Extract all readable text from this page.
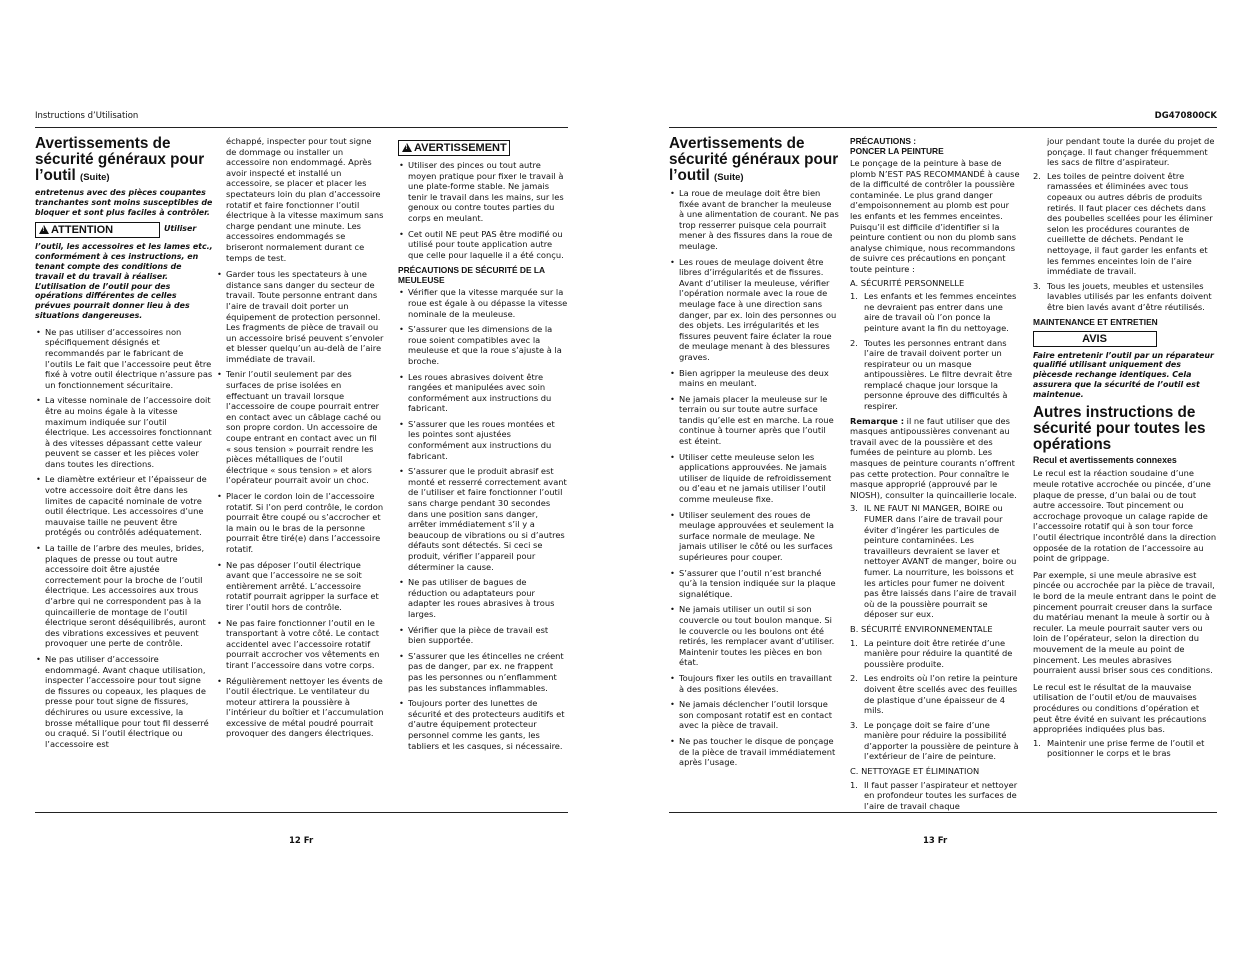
Instructions d’Utilisation
Avertissements de sécurité généraux pour l’outil (Suite)

entretenus avec des pièces coupantes tranchantes sont moins susceptibles de bloquer et sont plus faciles à contrôler.

!ATTENTION	Utiliser

l’outil, les accessoires et les lames etc., conformément à ces instructions, en tenant compte des conditions de travail et du travail à réaliser. L’utilisation de l’outil pour des opérations différentes de celles prévues pourrait donner lieu à des situations dangereuses.

• Ne pas utiliser d’accessoires non spécifiquement désignés et recommandés par le fabricant de l’outils Le fait que l’accessoire peut être fixé à votre outil électrique n’assure pas un fonctionnement sécuritaire.
• La vitesse nominale de l’accessoire doit être au moins égale à la vitesse maximum indiquée sur l’outil électrique. Les accessoires fonctionnant à des vitesses dépassant cette valeur peuvent se casser et les pièces voler dans toutes les directions.
• Le diamètre extérieur et l’épaisseur de votre accessoire doit être dans les limites de capacité nominale de votre outil électrique. Les accessoires d’une mauvaise taille ne peuvent être protégés ou contrôlés adéquatement.
• La taille de l’arbre des meules, brides, plaques de presse ou tout autre accessoire doit être ajustée correctement pour la broche de l’outil électrique. Les accessoires aux trous d’arbre qui ne correspondent pas à la quincaillerie de montage de l’outil électrique seront déséquilibrés, auront des vibrations excessives et peuvent provoquer une perte de contrôle.
• Ne pas utiliser d’accessoire endommagé. Avant chaque utilisation, inspecter l’accessoire pour tout signe de fissures ou copeaux, les plaques de presse pour tout signe de fissures, déchirures ou usure excessive, la brosse métallique pour tout fil desserré ou craqué. Si l’outil électrique ou l’accessoire est

échappé, inspecter pour tout signe de dommage ou installer un accessoire non endommagé. Après avoir inspecté et installé un accessoire, se placer et placer les spectateurs loin du plan d’accessoire rotatif et faire fonctionner l’outil électrique à la vitesse maximum sans charge pendant une minute. Les accessoires endommagés se briseront normalement durant ce temps de test.

• Garder tous les spectateurs à une distance sans danger du secteur de travail. Toute personne entrant dans l’aire de travail doit porter un équipement de protection personnel. Les fragments de pièce de travail ou un accessoire brisé peuvent s’envoler et blesser quelqu’un au-delà de l’aire immédiate de travail.
• Tenir l’outil seulement par des surfaces de prise isolées en effectuant un travail lorsque l’accessoire de coupe pourrait entrer en contact avec un câblage caché ou son propre cordon. Un accessoire de coupe entrant en contact avec un fil « sous tension » pourrait rendre les pièces métalliques de l’outil électrique « sous tension » et alors l’opérateur pourrait avoir un choc.
• Placer le cordon loin de l’accessoire rotatif. Si l’on perd contrôle, le cordon pourrait être coupé ou s’accrocher et la main ou le bras de la personne pourrait être tiré(e) dans l’accessoire rotatif.
• Ne pas déposer l’outil électrique avant que l’accessoire ne se soit entièrement arrêté. L’accessoire rotatif pourrait agripper la surface et tirer l’outil hors de contrôle.
• Ne pas faire fonctionner l’outil en le transportant à votre côté. Le contact accidentel avec l’accessoire rotatif pourrait accrocher vos vêtements en tirant l’accessoire dans votre corps.
• Régulièrement nettoyer les évents de l’outil électrique. Le ventilateur du moteur attirera la poussière à l’intérieur du boîtier et l’accumulation excessive de métal poudré pourrait provoquer des dangers électriques.
!AVERTISSEMENT
• Utiliser des pinces ou tout autre moyen pratique pour fixer le travail à une plate-forme stable. Ne jamais tenir le travail dans les mains, sur les genoux ou contre toutes parties du corps en meulant.
• Cet outil NE peut PAS être modifié ou utilisé pour toute application autre que celle pour laquelle il a été conçu.
PRÉCAUTIONS DE SÉCURITÉ DE LA MEULEUSE
• Vérifier que la vitesse marquée sur la roue est égale à ou dépasse la vitesse nominale de la meuleuse.
• S’assurer que les dimensions de la roue soient compatibles avec la meuleuse et que la roue s’ajuste à la broche.
• Les roues abrasives doivent être rangées et manipulées avec soin conformément aux instructions du fabricant.
• S’assurer que les roues montées et les pointes sont ajustées conformément aux instructions du fabricant.
• S’assurer que le produit abrasif est monté et resserré correctement avant de l’utiliser et faire fonctionner l’outil sans charge pendant 30 secondes dans une position sans danger, arrêter immédiatement s’il y a beaucoup de vibrations ou si d’autres défauts sont détectés. Si ceci se produit, vérifier l’appareil pour déterminer la cause.
• Ne pas utiliser de bagues de réduction ou adaptateurs pour adapter les roues abrasives à trous larges.
• Vérifier que la pièce de travail est bien supportée.
• S’assurer que les étincelles ne créent pas de danger, par ex. ne frappent pas les personnes ou n’enflamment pas les substances inflammables.
• Toujours porter des lunettes de sécurité et des protecteurs auditifs et d’autre équipement protecteur personnel comme les gants, les tabliers et les casques, si nécessaire.
12 Fr
DG470800CK
Avertissements de sécurité généraux pour l’outil (Suite)
• La roue de meulage doit être bien fixée avant de brancher la meuleuse à une alimentation de courant. Ne pas trop resserrer puisque cela pourrait mener à des fissures dans la roue de meulage.
• Les roues de meulage doivent être libres d’irrégularités et de fissures. Avant d’utiliser la meuleuse, vérifier l’opération normale avec la roue de meulage face à une direction sans danger, par ex. loin des personnes ou des objets. Les irrégularités et les fissures peuvent faire éclater la roue de meulage menant à des blessures graves.
• Bien agripper la meuleuse des deux mains en meulant.
• Ne jamais placer la meuleuse sur le terrain ou sur toute autre surface tandis qu’elle est en marche. La roue continue à tourner après que l’outil est éteint.
• Utiliser cette meuleuse selon les applications approuvées. Ne jamais utiliser de liquide de refroidissement ou d’eau et ne jamais utiliser l’outil comme meuleuse fixe.
• Utiliser seulement des roues de meulage approuvées et seulement la surface normale de meulage. Ne jamais utiliser le côté ou les surfaces supérieures pour couper.
• S’assurer que l’outil n’est branché qu’à la tension indiquée sur la plaque signalétique.
• Ne jamais utiliser un outil si son couvercle ou tout boulon manque. Si le couvercle ou les boulons ont été retirés, les remplacer avant d’utiliser. Maintenir toutes les pièces en bon état.
• Toujours fixer les outils en travaillant à des positions élevées.
• Ne jamais déclencher l’outil lorsque son composant rotatif est en contact avec la pièce de travail.
• Ne pas toucher le disque de ponçage de la pièce de travail immédiatement après l’usage.
PRÉCAUTIONS :
PONCER LA PEINTURE

Le ponçage de la peinture à base de plomb N’EST PAS RECOMMANDÉ à cause de la difficulté de contrôler la poussière contaminée. Le plus grand danger d’empoisonnement au plomb est pour les enfants et les femmes enceintes. Puisqu’il est difficile d’identifier si la peinture contient ou non du plomb sans analyse chimique, nous recommandons de suivre ces précautions en ponçant toute peinture :

A. SÉCURITÉ PERSONNELLE
1. Les enfants et les femmes enceintes ne devraient pas entrer dans une aire de travail où l’on ponce la peinture avant la fin du nettoyage.
2. Toutes les personnes entrant dans l’aire de travail doivent porter un respirateur ou un masque antipoussières. Le filtre devrait être remplacé chaque jour lorsque la personne éprouve des difficultés à respirer.

Remarque : il ne faut utiliser que des masques antipoussières convenant au travail avec de la poussière et des fumées de peinture au plomb. Les masques de peinture courants n’offrent pas cette protection. Pour connaître le masque approprié (approuvé par le NIOSH), consulter la quincaillerie locale.

3. IL NE FAUT NI MANGER, BOIRE ou FUMER dans l’aire de travail pour éviter d’ingérer les particules de peinture contaminées. Les travailleurs devraient se laver et nettoyer AVANT de manger, boire ou fumer. La nourriture, les boissons et les articles pour fumer ne doivent pas être laissés dans l’aire de travail où de la poussière pourrait se déposer sur eux.
B. SÉCURITÉ ENVIRONNEMENTALE
1. La peinture doit être retirée d’une manière pour réduire la quantité de poussière produite.
2. Les endroits où l’on retire la peinture doivent être scellés avec des feuilles de plastique d’une épaisseur de 4 mils.
3. Le ponçage doit se faire d’une manière pour réduire la possibilité d’apporter la poussière de peinture à l’extérieur de l’aire de peinture.
C. NETTOYAGE ET ÉLIMINATION
1. Il faut passer l’aspirateur et nettoyer en profondeur toutes les surfaces de l’aire de travail chaque

jour pendant toute la durée du projet de ponçage. Il faut changer fréquemment les sacs de filtre d’aspirateur.

2. Les toiles de peintre doivent être ramassées et éliminées avec tous copeaux ou autres débris de produits retirés. Il faut placer ces déchets dans des poubelles scellées pour les éliminer selon les procédures courantes de cueillette de déchets. Pendant le nettoyage, il faut garder les enfants et les femmes enceintes loin de l’aire immédiate de travail.
3. Tous les jouets, meubles et ustensiles lavables utilisés par les enfants doivent être bien lavés avant d’être réutilisés.
MAINTENANCE ET ENTRETIEN
AVIS

Faire entretenir l’outil par un réparateur qualifié utilisant uniquement des piècesde rechange identiques. Cela assurera que la sécurité de l’outil est maintenue.

Autres instructions de sécurité pour toutes les opérations
Recul et avertissements connexes

Le recul est la réaction soudaine d’une meule rotative accrochée ou pincée, d’une plaque de presse, d’un balai ou de tout autre accessoire. Tout pincement ou accrochage provoque un calage rapide de l’accessoire rotatif qui à son tour force l’outil électrique incontrôlé dans la direction opposée de la rotation de l’accessoire au point de grippage.

Par exemple, si une meule abrasive est pincée ou accrochée par la pièce de travail, le bord de la meule entrant dans le point de pincement pourrait creuser dans la surface du matériau menant la meule à sortir ou à reculer. La meule pourrait sauter vers ou loin de l’opérateur, selon la direction du mouvement de la meule au point de pincement. Les meules abrasives pourraient aussi briser sous ces conditions.

Le recul est le résultat de la mauvaise utilisation de l’outil et/ou de mauvaises procédures ou conditions d’opération et peut être évité en suivant les précautions appropriées indiquées plus bas.

1. Maintenir une prise ferme de l’outil et positionner le corps et le bras
13 Fr
